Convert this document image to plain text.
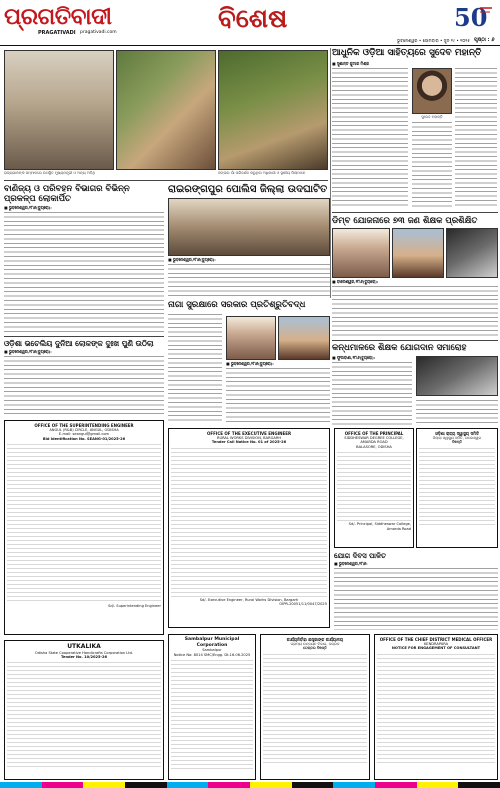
ପ୍ରଗତିବାଦୀ
PRAGATIVADI pragativadi.com	ବିଶେଷ	50
ଭୁବନେଶ୍ୱର • ସୋମବାର • ଜୁନ ୨୯ • ୨୦୨୫ ପୃଷ୍ଠା : ୬
ରାଜ୍ୟପାଳଙ୍କ ସମ୍ମାନରେ ଉପସ୍ଥିତ ମୁଖ୍ୟମନ୍ତ୍ରୀ ଓ ଅନ୍ୟ ଅତିଥି	ଜଙ୍ଗଲ ଗାଁ ପରିଦର୍ଶନ କରୁଥିବା ଅଧିକାରୀ ଓ ସ୍ଥାନୀୟ ପିଲାମାନେ
ଆଧୁନିକ ଓଡ଼ିଆ ସାହିତ୍ୟରେ ସୁଦେବ ମହାନ୍ତି
■ ସୁଶାନ୍ତ କୁମାର ମିଶ୍ର
ସୁଦେବ ମହାନ୍ତି
ବାଣିଜ୍ୟ ଓ ପରିବହନ ବିଭାଗର ବିଭିନ୍ନ ପ୍ରକଳ୍ପ ଲୋକାର୍ପିତ
■ ଭୁବନେଶ୍ୱର,୨୮ା୬(ବ୍ୟୁରୋ):
ରାଇରଙ୍ଗପୁର ପୋଲିସ ଜିଲ୍ଲା ଉଦଘାଟିତ
■ ଭୁବନେଶ୍ୱର,୨୮ା୬(ବ୍ୟୁରୋ):
ଡିମ୍ବ ଯୋଜନାରେ ୭୩ ଜଣ ଶିକ୍ଷକ ପ୍ରଶିକ୍ଷିତ
■ ବାଲେଶ୍ୱର,୨୮ା୬(ବ୍ୟୁରୋ):
ଓଡ଼ିଶା ଭଚେଲିୟ ଦୁନିଆ ଲୋକଙ୍କ ଦୁଃଖ ପୁଣି ଉଠିଲା
■ ଭୁବନେଶ୍ୱର,୨୮ା୬(ବ୍ୟୁରୋ):
ନାଗା ସୁରକ୍ଷାରେ ସରକାର ପ୍ରତିଶ୍ରୁତିବଦ୍ଧ
■ ଭୁବନେଶ୍ୱର,୨୮ା୬(ବ୍ୟୁରୋ):
କନ୍ଧମାଳରେ ଶିକ୍ଷକ ଯୋଗଦାନ ସମାରୋହ
■ ଫୁଲବାଣୀ,୨୮ା୬(ବ୍ୟୁରୋ):
OFFICE OF THE SUPERINTENDING ENGINEER
ANGUL (R&B) CIRCLE, ANGUL, ODISHA
E-mail: seangul@gmail.com
Bid Identification No. SEANG-01/2025-26
Sd/- Superintending Engineer
OFFICE OF THE EXECUTIVE ENGINEER
RURAL WORKS DIVISION, BARGARH
Tender Call Notice No. 01 of 2025-26
Sd/- Executive Engineer, Rural Works Division, Bargarh
OIPR-20051/11/0047/2025
OFFICE OF THE PRINCIPAL
SIDDHESWAR DEGREE COLLEGE, AMARDA ROAD
BALASORE, ODISHA
Sd/- Principal, Siddheswar College, Amarda Road
ଓଡ଼ିଶା ରାଜ୍ୟ ସ୍ୱାସ୍ଥ୍ୟ ସମିତି
ଜିଲ୍ଲା ସ୍ୱାସ୍ଥ୍ୟ ସମିତି, ବାଲେଶ୍ୱର
ବିଜ୍ଞପ୍ତି
UTKALIKA
Odisha State Cooperative Handicrafts Corporation Ltd.
Tender No. 10/2025-26
Sambalpur Municipal Corporation
Sambalpur
Notice No: 8014 SMC/Engg. Dt.16.06.2025
କାର୍ଯ୍ୟନିର୍ବାହୀ ଯନ୍ତ୍ରୀଙ୍କ କାର୍ଯ୍ୟାଳୟ
ଗ୍ରାମ୍ୟ ଉନ୍ନୟନ ବିଭାଗ, ଭଦ୍ରକ
ଟେଣ୍ଡର ବିଜ୍ଞପ୍ତି
OFFICE OF THE CHIEF DISTRICT MEDICAL OFFICER
KENDRAPARA
NOTICE FOR ENGAGEMENT OF CONSULTANT
ଯୋଗ ଦିବସ ପାଳିତ
■ ଭୁବନେଶ୍ୱର,୨୮ା୬:
